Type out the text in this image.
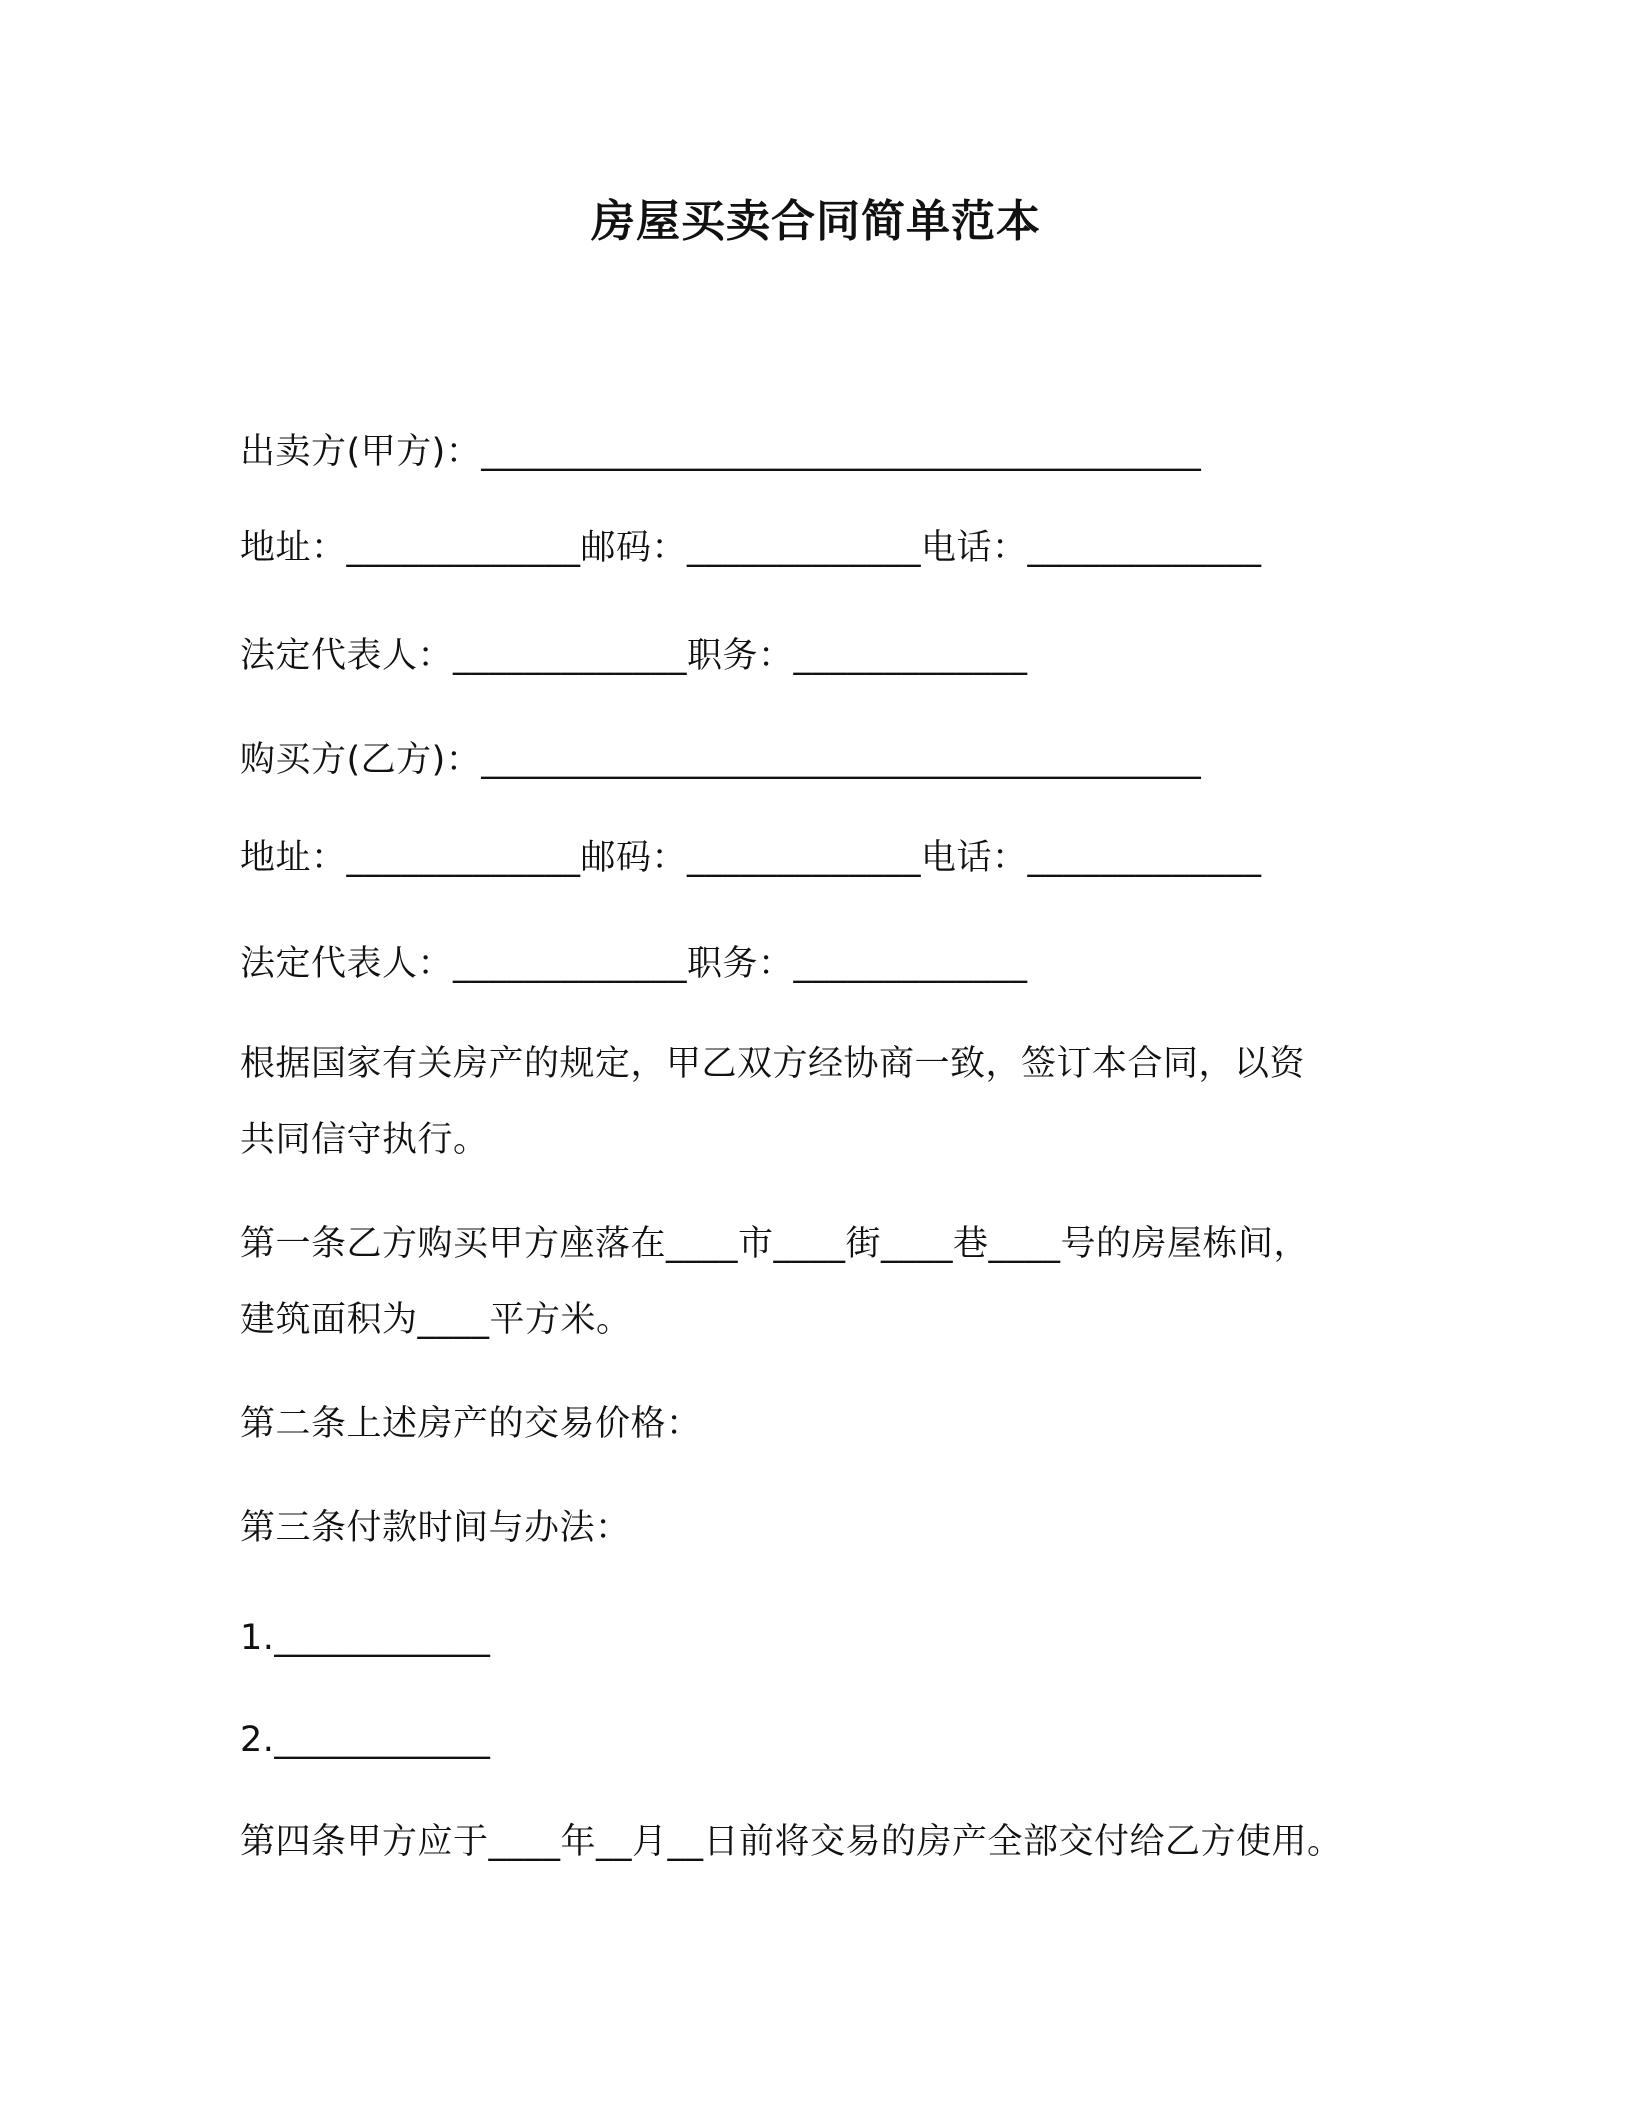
房屋买卖合同简单范本
出卖方(甲方)：________________________________________
地址：_____________邮码：_____________电话：_____________
法定代表人：_____________职务：_____________
购买方(乙方)：________________________________________
地址：_____________邮码：_____________电话：_____________
法定代表人：_____________职务：_____________
根据国家有关房产的规定，甲乙双方经协商一致，签订本合同，以资
共同信守执行。
第一条乙方购买甲方座落在____市____街____巷____号的房屋栋间，
建筑面积为____平方米。
第二条上述房产的交易价格：
第三条付款时间与办法：
1.____________
2.____________
第四条甲方应于____年__月__日前将交易的房产全部交付给乙方使用。
